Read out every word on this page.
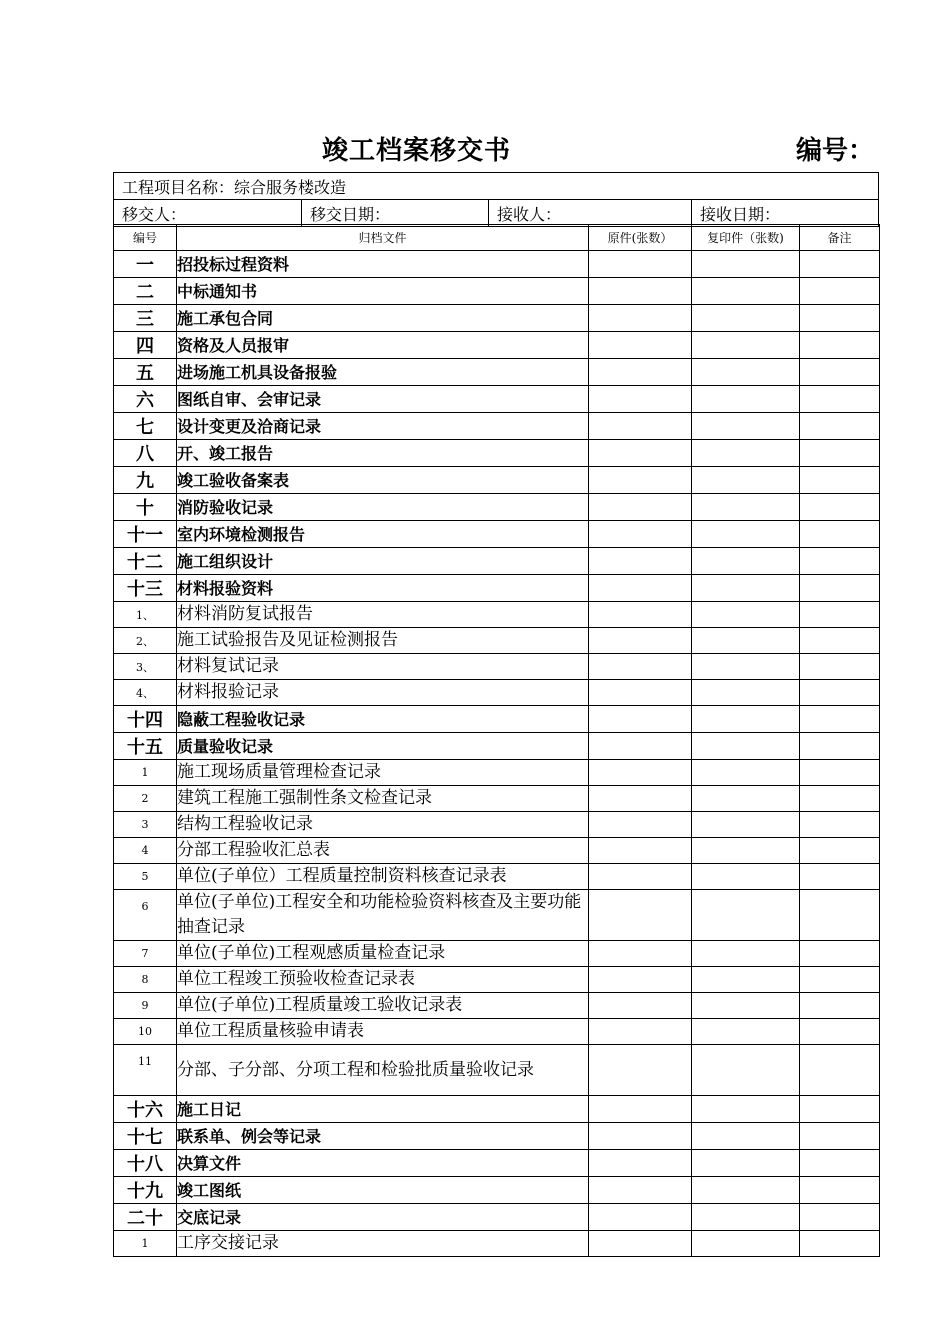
竣工档案移交书	编号：
工程项目名称：综合服务楼改造
移交人：	移交日期：	接收人：	接收日期：
编号	归档文件	原件(张数）	复印件（张数)	备注
一	招投标过程资料			
二	中标通知书			
三	施工承包合同			
四	资格及人员报审			
五	进场施工机具设备报验			
六	图纸自审、会审记录			
七	设计变更及洽商记录			
八	开、竣工报告			
九	竣工验收备案表			
十	消防验收记录			
十一	室内环境检测报告			
十二	施工组织设计			
十三	材料报验资料			
1、	材料消防复试报告			
2、	施工试验报告及见证检测报告			
3、	材料复试记录			
4、	材料报验记录			
十四	隐蔽工程验收记录			
十五	质量验收记录			
1	施工现场质量管理检查记录			
2	建筑工程施工强制性条文检查记录			
3	结构工程验收记录			
4	分部工程验收汇总表			
5	单位(子单位）工程质量控制资料核查记录表			
6	单位(子单位)工程安全和功能检验资料核查及主要功能抽查记录			
7	单位(子单位)工程观感质量检查记录			
8	单位工程竣工预验收检查记录表			
9	单位(子单位)工程质量竣工验收记录表			
10	单位工程质量核验申请表			
11	分部、子分部、分项工程和检验批质量验收记录			
十六	施工日记			
十七	联系单、例会等记录			
十八	决算文件			
十九	竣工图纸			
二十	交底记录			
1	工序交接记录			
